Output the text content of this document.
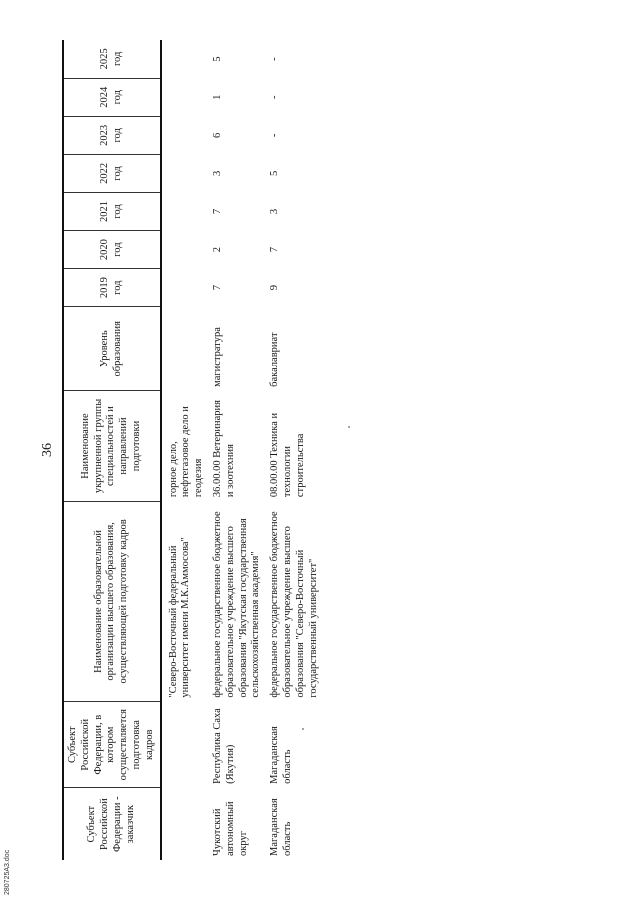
36
Субъект Российской Федерации - заказчик	Субъект Российской Федерации, в котором осуществляется подготовка кадров	Наименование образовательной организации высшего образования, осуществляющей подготовку кадров	Наименование укрупненной группы специальностей и направлений подготовки	Уровень образования	2019 год	2020 год	2021 год	2022 год	2023 год	2024 год	2025 год
		"Северо-Восточный федеральный университет имени М.К.Аммосова"	горное дело, нефтегазовое дело и геодезия								
Чукотский автономный округ	Республика Саха (Якутия)	федеральное государственное бюджетное образовательное учреждение высшего образования "Якутская государственная сельскохозяйственная академия"	36.00.00 Ветеринария и зоотехния	магистратура	7	2	7	3	6	1	5
Магаданская область	Магаданская область	федеральное государственное бюджетное образовательное учреждение высшего образования "Северо-Восточный государственный университет"	08.00.00 Техника и технологии строительства	бакалавриат	9	7	3	5	-	-	-
280725А3.doc
